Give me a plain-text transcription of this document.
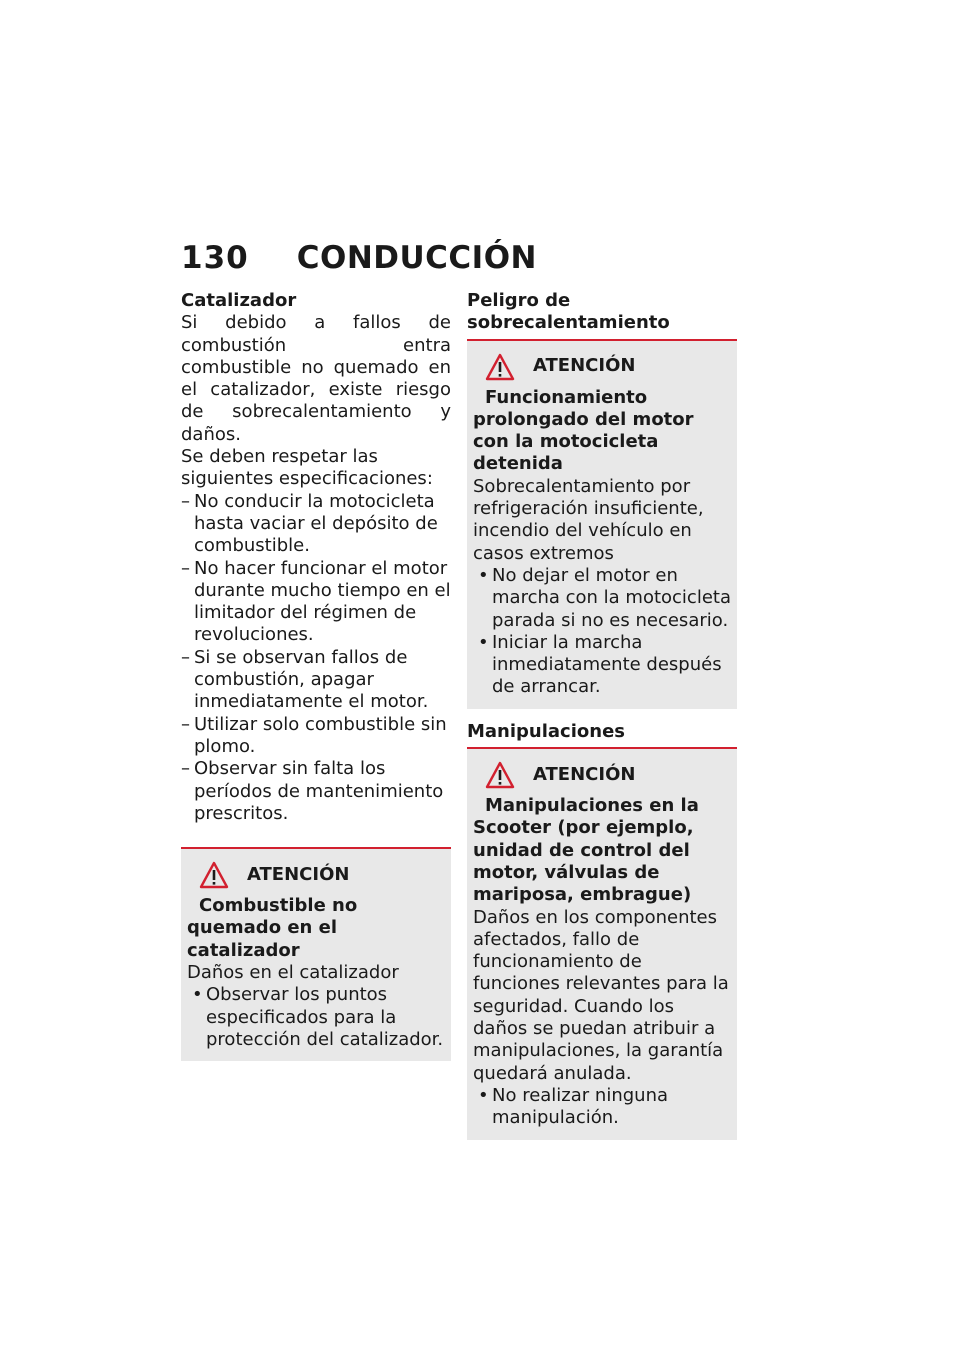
130 CONDUCCIÓN

Catalizador

Si debido a fallos de combustión entra combustible no quemado en el catalizador, existe riesgo de sobrecalentamiento y daños.

Se deben respetar las siguientes especificaciones:

– No conducir la motocicleta hasta vaciar el depósito de combustible.
– No hacer funcionar el motor durante mucho tiempo en el limitador del régimen de revoluciones.
– Si se observan fallos de combustión, apagar inmediatamente el motor.
– Utilizar solo combustible sin plomo.
– Observar sin falta los períodos de mantenimiento prescritos.
ATENCIÓN
Combustible no quemado en el catalizador

Daños en el catalizador

• Observar los puntos especificados para la protección del catalizador.

Peligro de sobrecalentamiento

ATENCIÓN
Funcionamiento prolongado del motor con la motocicleta detenida

Sobrecalentamiento por refrigeración insuficiente, incendio del vehículo en casos extremos

• No dejar el motor en marcha con la motocicleta parada si no es necesario.
• Iniciar la marcha inmediatamente después de arrancar.

Manipulaciones

ATENCIÓN
Manipulaciones en la Scooter (por ejemplo, unidad de control del motor, válvulas de mariposa, embrague)

Daños en los componentes afectados, fallo de funcionamiento de funciones relevantes para la seguridad. Cuando los daños se puedan atribuir a manipulaciones, la garantía quedará anulada.

• No realizar ninguna manipulación.
